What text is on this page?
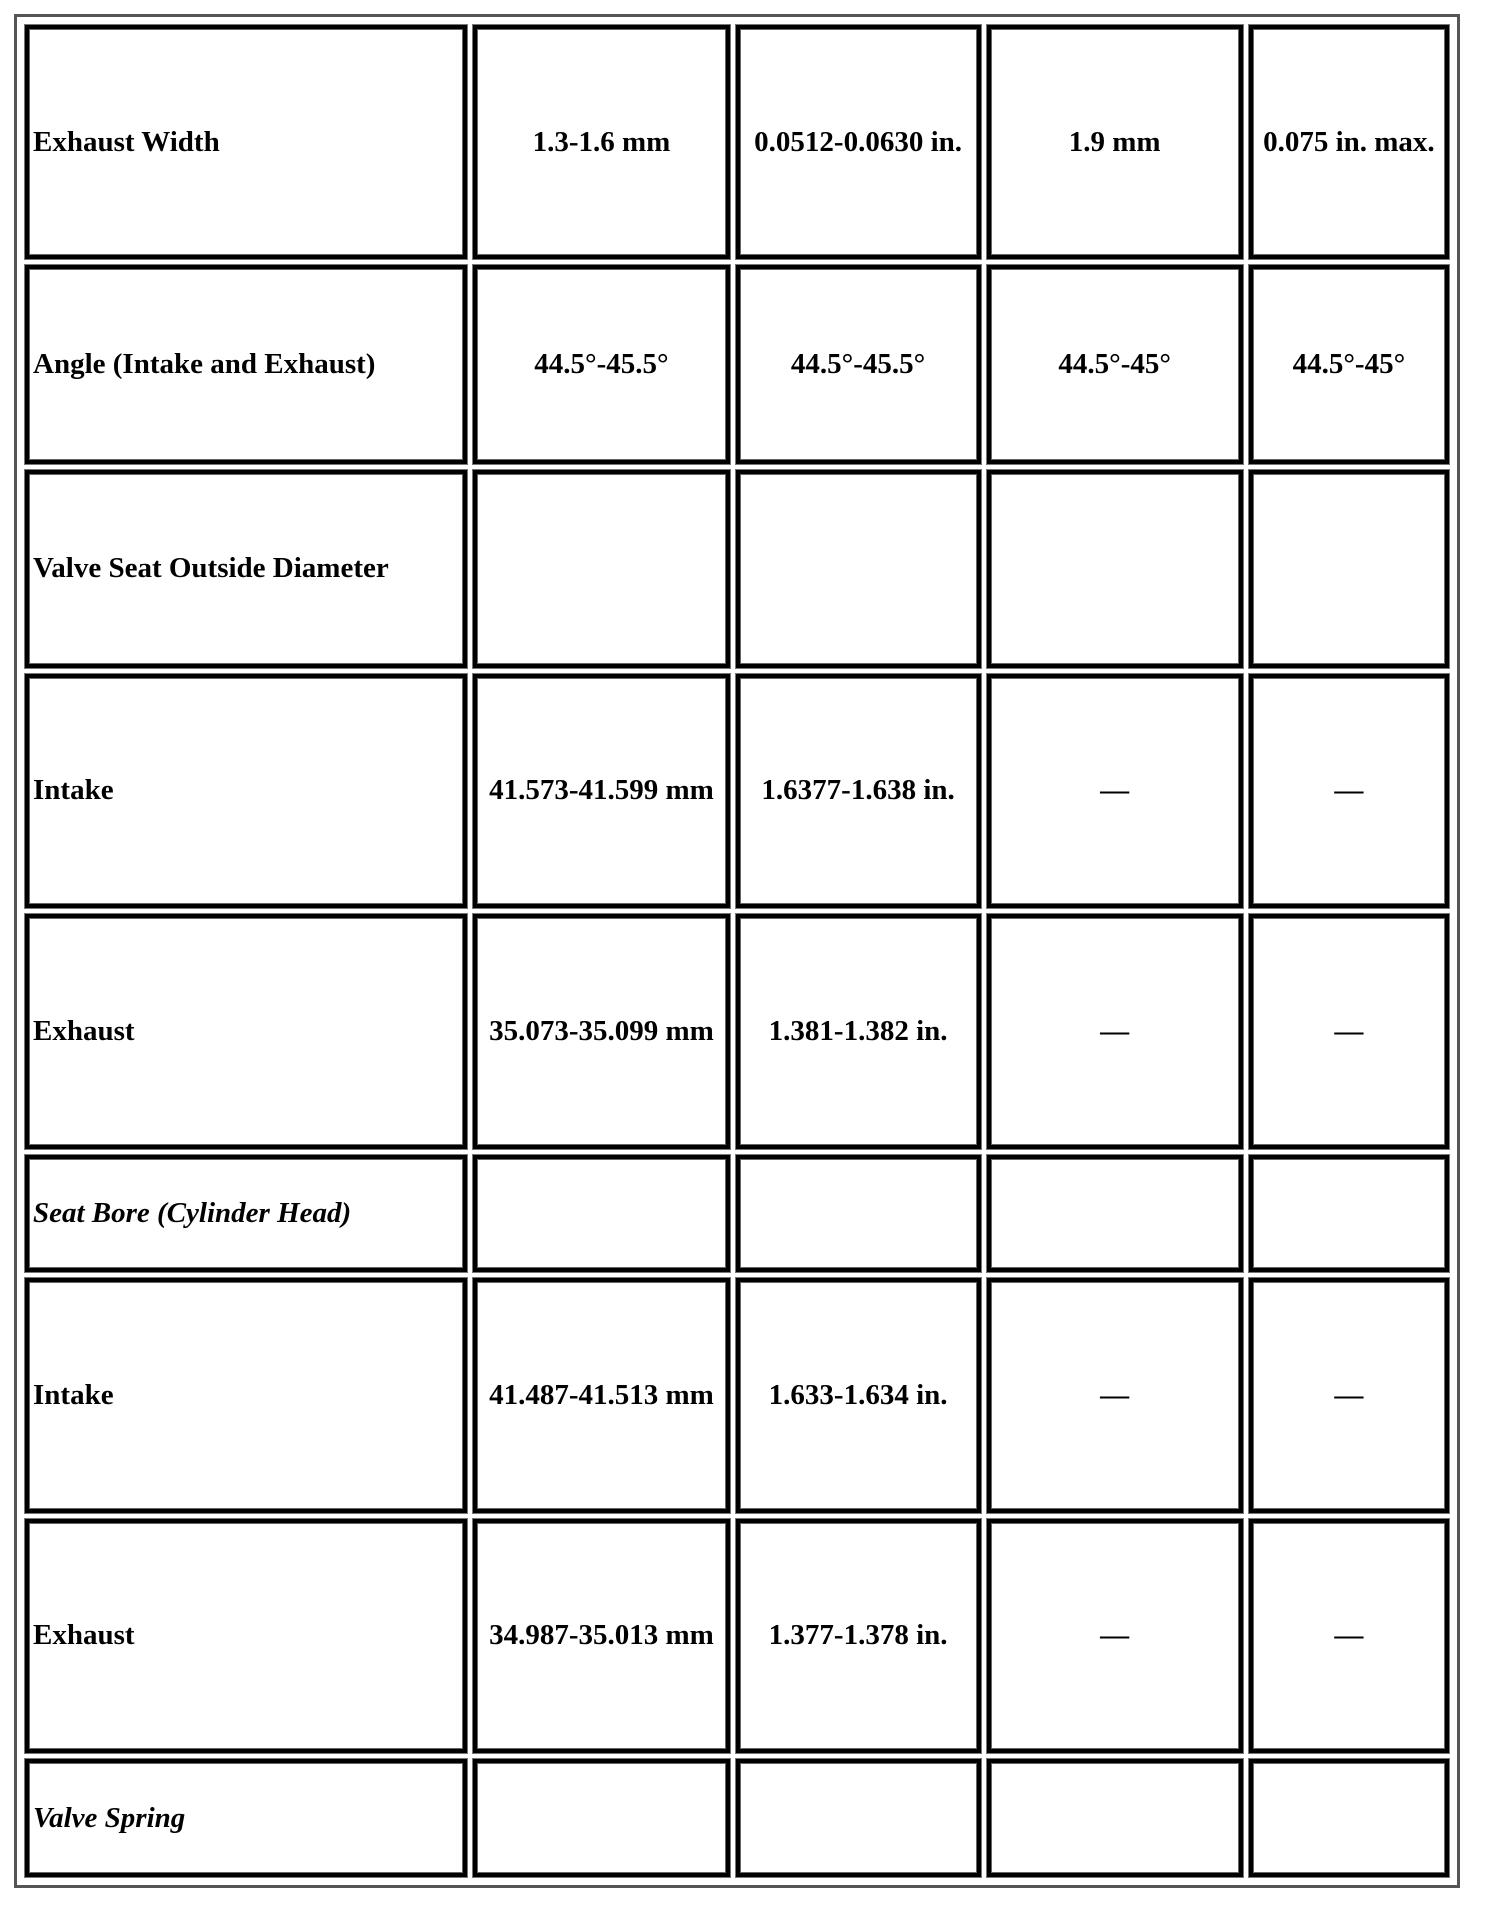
Exhaust Width	1.3-1.6 mm	0.0512-0.0630 in.	1.9 mm	0.075 in. max.
Angle (Intake and Exhaust)	44.5°-45.5°	44.5°-45.5°	44.5°-45°	44.5°-45°
Valve Seat Outside Diameter				
Intake	41.573-41.599 mm	1.6377-1.638 in.	—	—
Exhaust	35.073-35.099 mm	1.381-1.382 in.	—	—
Seat Bore (Cylinder Head)				
Intake	41.487-41.513 mm	1.633-1.634 in.	—	—
Exhaust	34.987-35.013 mm	1.377-1.378 in.	—	—
Valve Spring				
